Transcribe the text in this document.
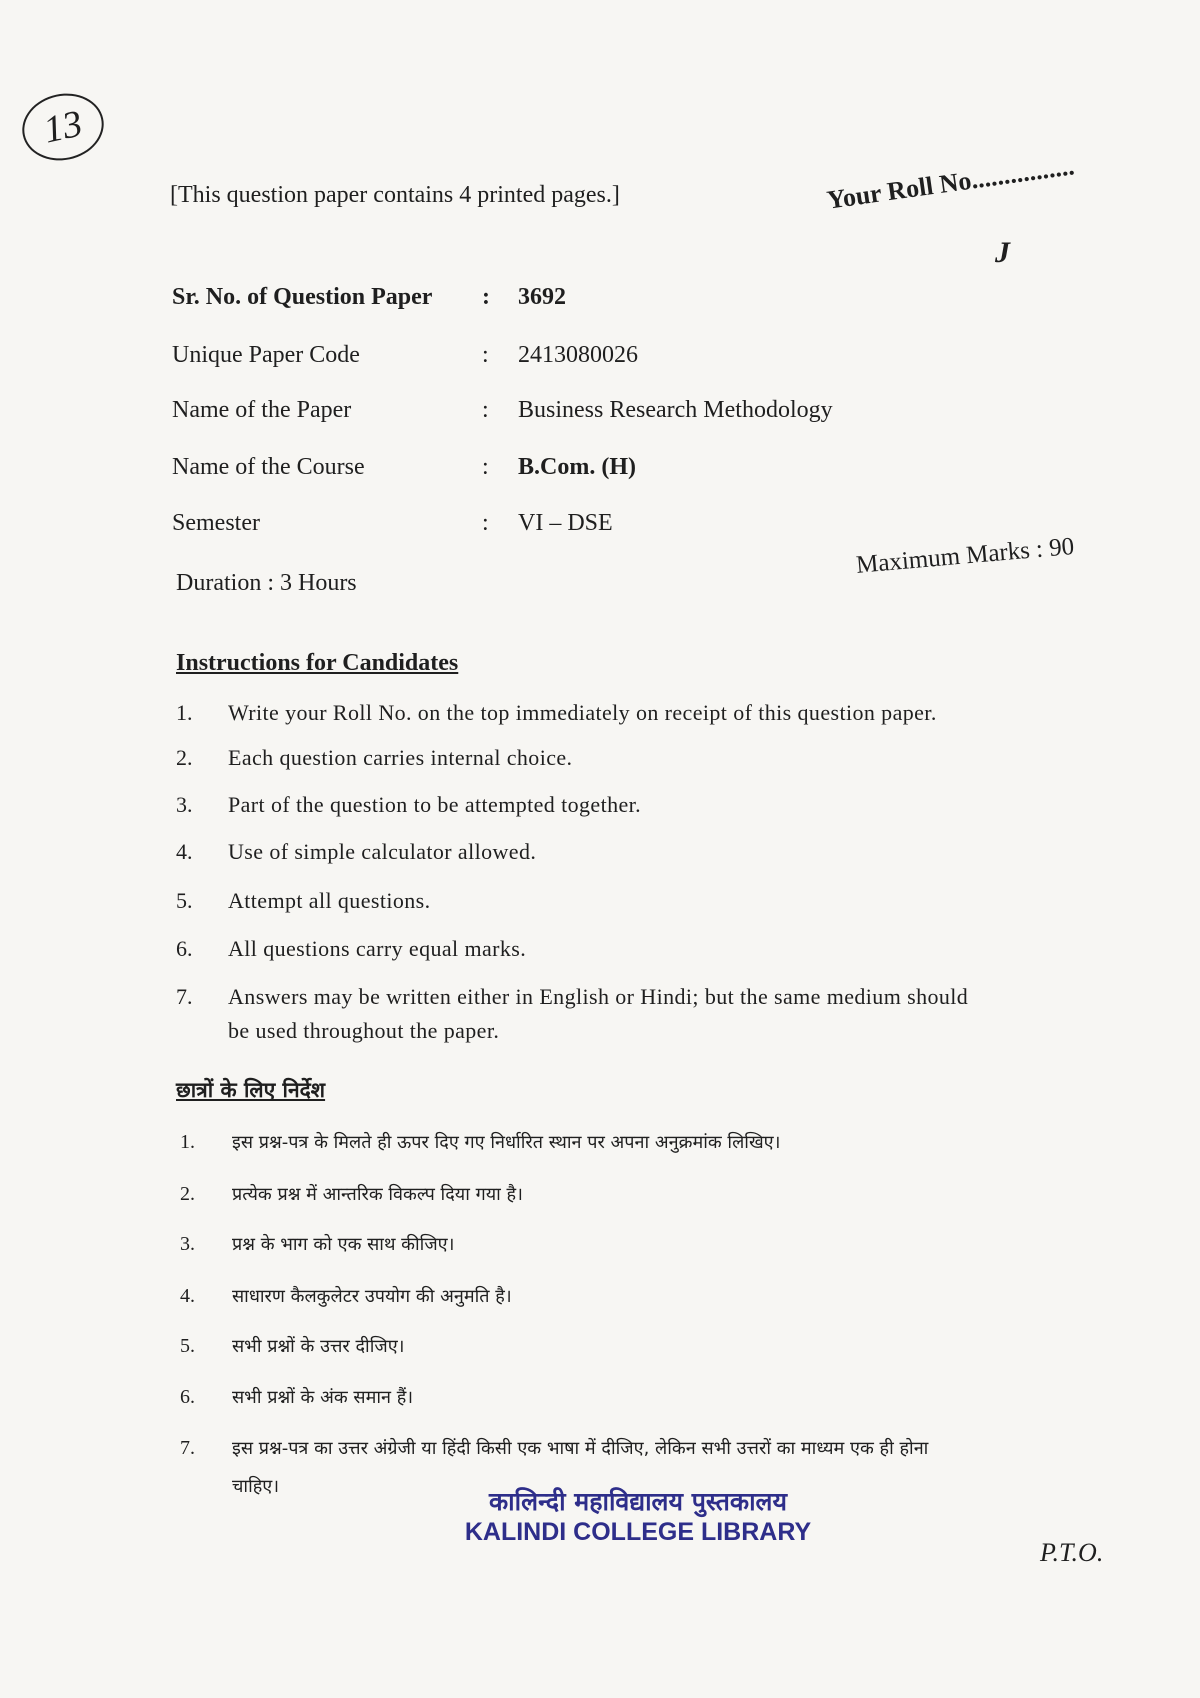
13
[This question paper contains 4 printed pages.]	Your Roll No................
J
Sr. No. of Question Paper : 3692
Unique Paper Code	: 2413080026
Name of the Paper	: Business Research Methodology
Name of the Course	: B.Com. (H)
Semester	: VI – DSE
Duration : 3 Hours
Maximum Marks : 90
Instructions for Candidates
1. Write your Roll No. on the top immediately on receipt of this question paper.
2. Each question carries internal choice.
3. Part of the question to be attempted together.
4. Use of simple calculator allowed.
5. Attempt all questions.
6. All questions carry equal marks.
7. Answers may be written either in English or Hindi; but the same medium should
be used throughout the paper.
छात्रों के लिए निर्देश
1. इस प्रश्न-पत्र के मिलते ही ऊपर दिए गए निर्धारित स्थान पर अपना अनुक्रमांक लिखिए।
2. प्रत्येक प्रश्न में आन्तरिक विकल्प दिया गया है।
3. प्रश्न के भाग को एक साथ कीजिए।
4. साधारण कैलकुलेटर उपयोग की अनुमति है।
5. सभी प्रश्नों के उत्तर दीजिए।
6. सभी प्रश्नों के अंक समान हैं।
7. इस प्रश्न-पत्र का उत्तर अंग्रेजी या हिंदी किसी एक भाषा में दीजिए, लेकिन सभी उत्तरों का माध्यम एक ही होना
चाहिए।
कालिन्दी महाविद्यालय पुस्तकालय
KALINDI COLLEGE LIBRARY
P.T.O.
